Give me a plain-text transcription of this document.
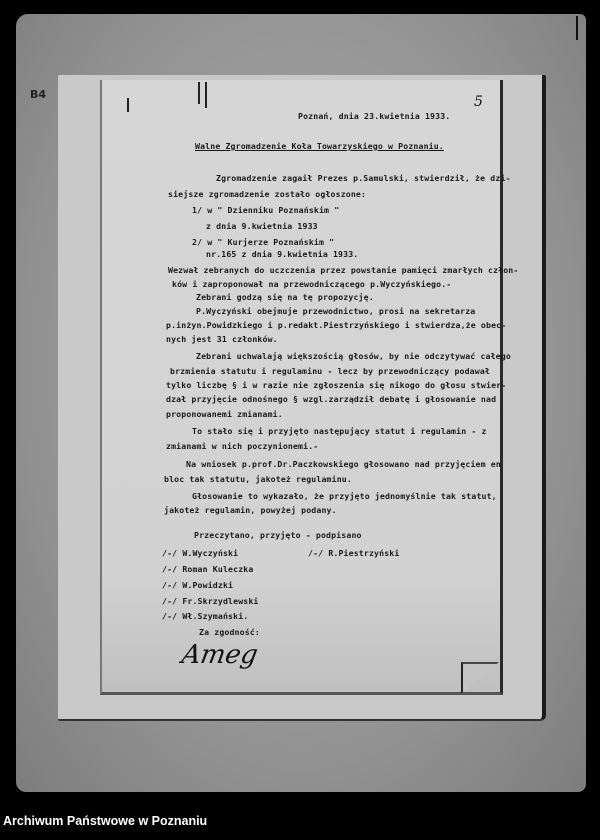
B4	5
Poznań, dnia 23.kwietnia 1933.
Walne Zgromadzenie Koła Towarzyskiego w Poznaniu.
Zgromadzenie zagaił Prezes p.Samulski, stwierdził, że dzi-
siejsze zgromadzenie zostało ogłoszone:
1/ w " Dzienniku Poznańskim "
z dnia 9.kwietnia 1933
2/ w " Kurjerze Poznańskim "
nr.165 z dnia 9.kwietnia 1933.
Wezwał zebranych do uczczenia przez powstanie pamięci zmarłych człon-
ków i zaproponował na przewodniczącego p.Wyczyńskiego.-
Zebrani godzą się na tę propozycję.
P.Wyczyński obejmuje przewodnictwo, prosi na sekretarza
p.inżyn.Powidzkiego i p.redakt.Piestrzyńskiego i stwierdza,że obec-
nych jest 31 członków.
Zebrani uchwalają większością głosów, by nie odczytywać całego
brzmienia statutu i regulaminu - lecz by przewodniczący podawał
tylko liczbę § i w razie nie zgłoszenia się nikogo do głosu stwier-
dzał przyjęcie odnośnego § wzgl.zarządził debatę i głosowanie nad
proponowanemi zmianami.
To stało się i przyjęto następujący statut i regulamin - z
zmianami w nich poczynionemi.-
Na wniosek p.prof.Dr.Paczkowskiego głosowano nad przyjęciem en
bloc tak statutu, jakoteż regulaminu.
Głosowanie to wykazało, że przyjęto jednomyślnie tak statut,
jakoteż regulamin, powyżej podany.
Przeczytano, przyjęto - podpisano
/-/ W.Wyczyński
/-/ Roman Kuleczka
/-/ W.Powidzki
/-/ Fr.Skrzydlewski
/-/ Wł.Szymański.
/-/ R.Piestrzyński
Za zgodność:
Ameg
Archiwum Państwowe w Poznaniu
